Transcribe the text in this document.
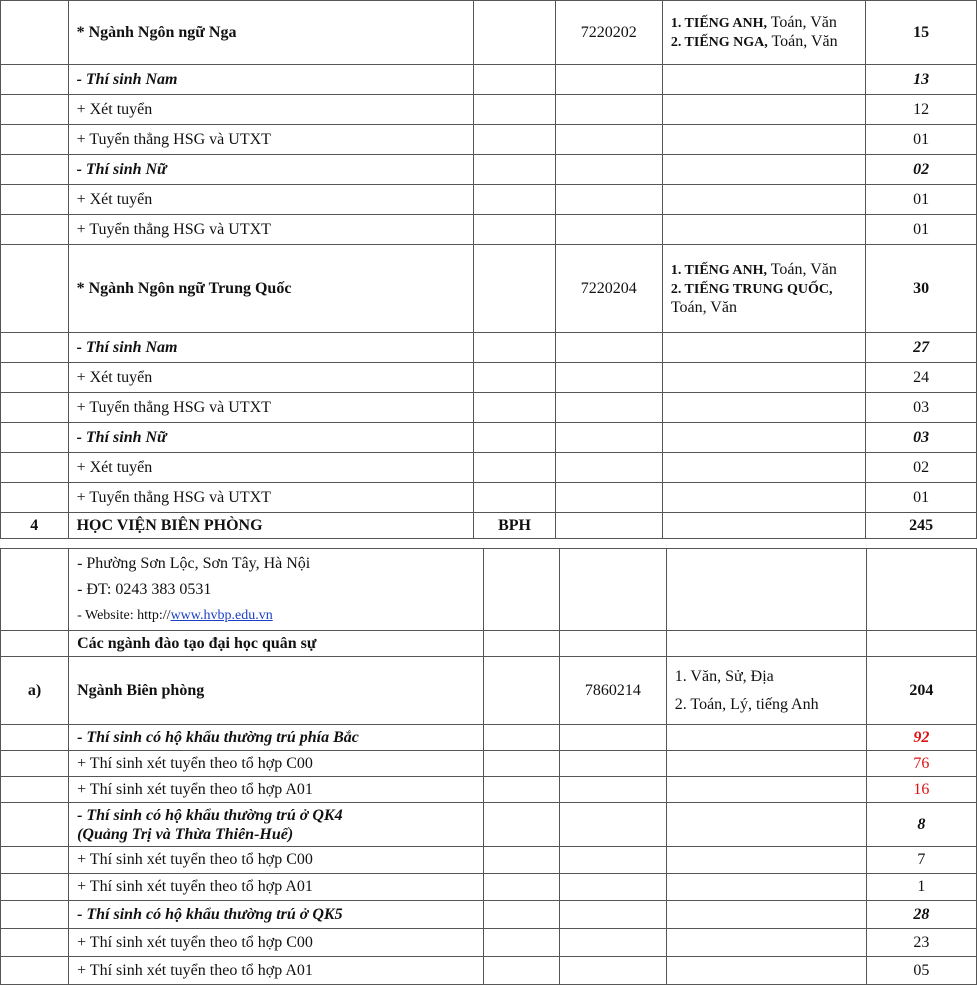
	* Ngành Ngôn ngữ Nga		7220202	1. TIẾNG ANH, Toán, Văn
2. TIẾNG NGA, Toán, Văn	15
	- Thí sinh Nam				13
	+ Xét tuyển				12
	+ Tuyển thẳng HSG và UTXT				01
	- Thí sinh Nữ				02
	+ Xét tuyển				01
	+ Tuyển thẳng HSG và UTXT				01
	* Ngành Ngôn ngữ Trung Quốc		7220204	1. TIẾNG ANH, Toán, Văn
2. TIẾNG TRUNG QUỐC,
Toán, Văn	30
	- Thí sinh Nam				27
	+ Xét tuyển				24
	+ Tuyển thẳng HSG và UTXT				03
	- Thí sinh Nữ				03
	+ Xét tuyển				02
	+ Tuyển thẳng HSG và UTXT				01
4	HỌC VIỆN BIÊN PHÒNG	BPH			245

	- Phường Sơn Lộc, Sơn Tây, Hà Nội
- ĐT: 0243 383 0531
- Website: http://www.hvbp.edu.vn				

	Các ngành đào tạo đại học quân sự				
a)	Ngành Biên phòng		7860214	1. Văn, Sử, Địa
2. Toán, Lý, tiếng Anh	204
	- Thí sinh có hộ khẩu thường trú phía Bắc				92
	+ Thí sinh xét tuyển theo tổ hợp C00				76
	+ Thí sinh xét tuyển theo tổ hợp A01				16

	- Thí sinh có hộ khẩu thường trú ở QK4
(Quảng Trị và Thừa Thiên-Huế)				8
	+ Thí sinh xét tuyển theo tổ hợp C00				7
	+ Thí sinh xét tuyển theo tổ hợp A01				1
	- Thí sinh có hộ khẩu thường trú ở QK5				28
	+ Thí sinh xét tuyển theo tổ hợp C00				23
	+ Thí sinh xét tuyển theo tổ hợp A01				05
